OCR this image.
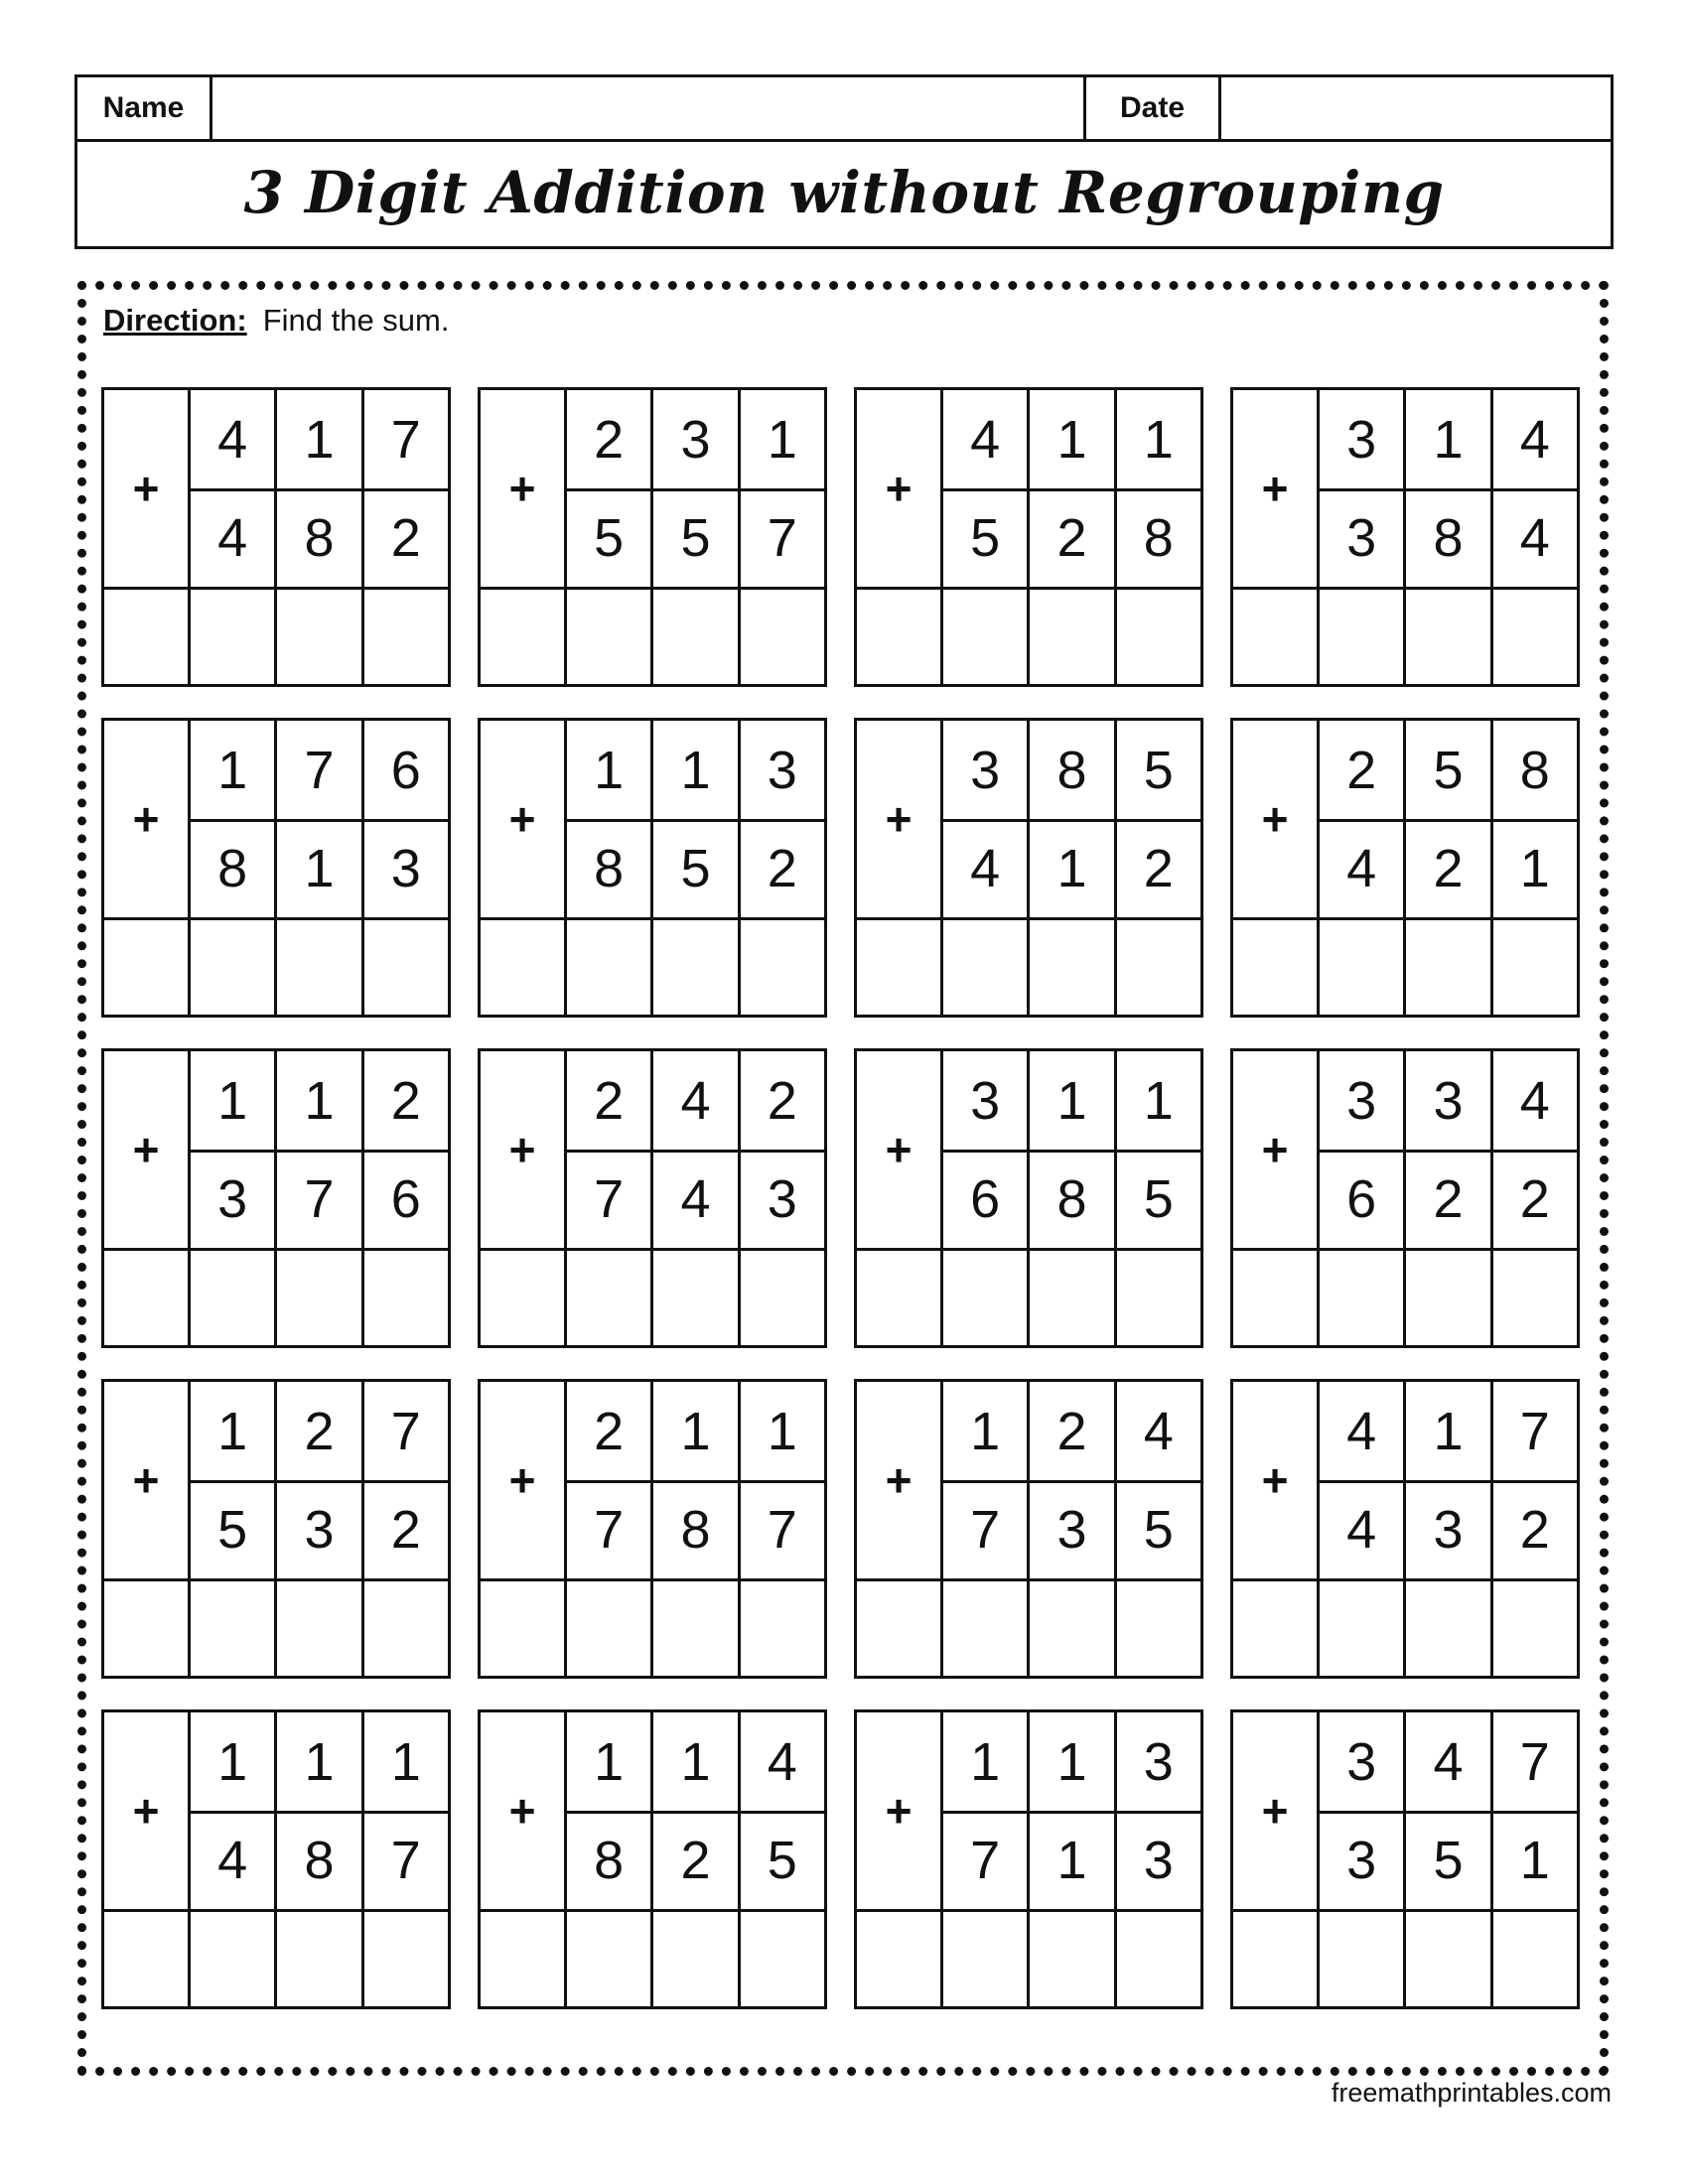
Name	Date
3 Digit Addition without Regrouping
Direction: Find the sum.
+
4	1	7
4	8	2
+
2	3	1
5	5	7
+
4	1	1
5	2	8
+
3	1	4
3	8	4
+
1	7	6
8	1	3
+
1	1	3
8	5	2
+
3	8	5
4	1	2
+
2	5	8
4	2	1
+
1	1	2
3	7	6
+
2	4	2
7	4	3
+
3	1	1
6	8	5
+
3	3	4
6	2	2
+
1	2	7
5	3	2
+
2	1	1
7	8	7
+
1	2	4
7	3	5
+
4	1	7
4	3	2
+
1	1	1
4	8	7
+
1	1	4
8	2	5
+
1	1	3
7	1	3
+
3	4	7
3	5	1
freemathprintables.com
